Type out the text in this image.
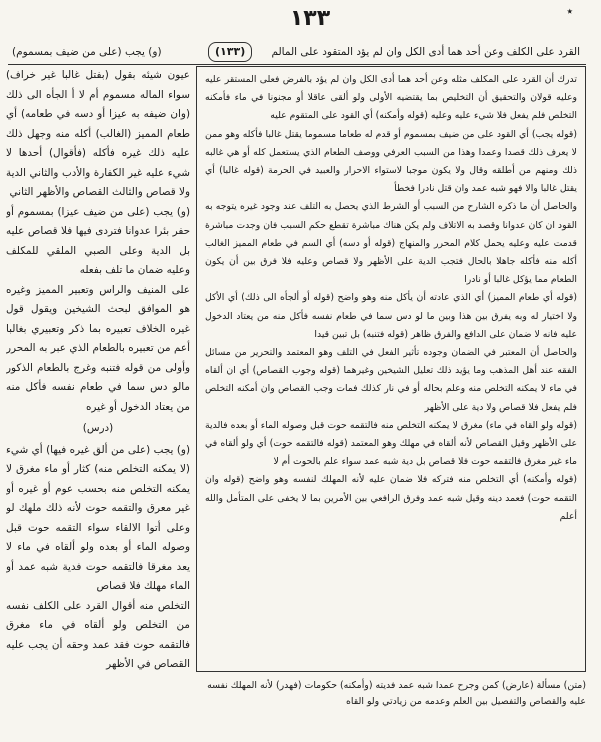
٭
١٣٣
القرد على الكلف وعن أحد هما أدى الكل وان لم يؤد المتقود على المالم
(١٣٣)
(و) يجب (على من ضيف بمسموم)

عيون شيئه بقول (بفتل غالبا غير خراف) سواء الماله مسموم أم لا أ الجأه الى ذلك (وان ضيفه به عيزا أو دسه في طعامه) أي طعام المميز (الغالب) أكله منه وجهل ذلك عليه ذلك غيره فأكله (فأقوال) أحدها لا شيء عليه غير الكفارة والأدب والثاني الدية ولا قصاص والثالث القصاص والأظهر الثاني

(و) يجب (على من ضيف عيزا) بمسموم أو حفر بئرا عدوانا فتردى فيها فلا قصاص عليه بل الدية وعلى الصبي الملقي للمكلف وعليه ضمان ما تلف بفعله

على المنيف والراس وتعبير المميز وغيره هو الموافق لبحث الشيخين ويقول قول غيره الخلاف تعبيره بما ذكر وتعبيري بغالبا أعم من تعبيره بالطعام الذي عبر به المحرر وأولى من قوله فتنبه وغرج بالطعام الذكور مالو دس سما في طعام نفسه فأكل منه من يعتاد الدخول أو غيره

(درس)

(و) يجب (على من ألق غيره فيها) أي شيء (لا يمكنه التخلص منه) كثار أو ماء مغرق لا يمكنه التخلص منه بحسب عوم أو غيره أو غير معرق والتقمه حوت لأنه ذلك ملهك لو وعلى أتوا الالقاء سواء التقمه حوت قبل وصوله الماء أو بعده ولو ألقاه في ماء لا يعد مغرقا فالتقمه حوت فدية شبه عمد أو الماء مهلك فلا قصاص

التخلص منه أقوال القرد على الكلف نفسه من التخلص ولو ألقاه في ماء مغرق فالتقمه حوت فقد عمد وحقه أن يجب عليه القصاص في الأظهر

تدرك أن القرد على المكلف مثله وعن أحد هما أدى الكل وان لم يؤد بالفرض فعلى المستقر عليه وعليه قولان والتحقيق أن التخليص بما يقتضيه الأولى ولو ألقى عاقلا أو مجنونا في ماء فأمكنه التخلص فلم يفعل فلا شيء عليه وعليه (قوله وأمكنه) أي القود على المتقوم عليه

(قوله يجب) أي القود على من ضيف بمسموم أو قدم له طعاما مسموما يقتل غالبا فأكله وهو ممن لا يعرف ذلك قصدا وعمدا وهذا من السبب العرفي ووصف الطعام الذي يستعمل كله أو هي غالبه ذلك ومنهم من أطلقه وقال ولا يكون موجبا لاستواء الاحرار والعبيد في الحرمة (قوله غالبا) أي يقتل غالبا والا فهو شبه عمد وان قتل نادرا فخطأ

والحاصل أن ما ذكره الشارح من السبب أو الشرط الذي يحصل به التلف عند وجود غيره يتوجه به القود ان كان عدوانا وقصد به الاتلاف ولم يكن هناك مباشرة تقطع حكم السبب فان وجدت مباشرة قدمت عليه وعليه يحمل كلام المحرر والمنهاج (قوله أو دسه) أي السم في طعام المميز الغالب أكله منه فأكله جاهلا بالحال فتجب الدية على الأظهر ولا قصاص وعليه فلا فرق بين أن يكون الطعام مما يؤكل غالبا أو نادرا

(قوله أي طعام المميز) أي الذي عادته أن يأكل منه وهو واضح (قوله أو ألجأه الى ذلك) أي الأكل ولا اختيار له وبه يفرق بين هذا وبين ما لو دس سما في طعام نفسه فأكل منه من يعتاد الدخول عليه فانه لا ضمان على الدافع والفرق ظاهر (قوله فتنبه) بل تبين قيدا

والحاصل أن المعتبر في الضمان وجوده تأثير الفعل في التلف وهو المعتمد والتحرير من مسائل الفقه عند أهل المذهب وما يؤيد ذلك تعليل الشيخين وغيرهما (قوله وجوب القصاص) أي ان ألقاه في ماء لا يمكنه التخلص منه وعلم بحاله أو في نار كذلك فمات وجب القصاص وان أمكنه التخلص فلم يفعل فلا قصاص ولا دية على الأظهر

(قوله ولو القاه في ماء) مغرق لا يمكنه التخلص منه فالتقمه حوت قبل وصوله الماء أو بعده فالدية على الأظهر وقيل القصاص لأنه ألقاه في مهلك وهو المعتمد (قوله فالتقمه حوت) أي ولو ألقاه في ماء غير مغرق فالتقمه حوت فلا قصاص بل دية شبه عمد سواء علم بالحوت أم لا

(قوله وأمكنه) أي التخلص منه فتركه فلا ضمان عليه لأنه المهلك لنفسه وهو واضح (قوله وان التقمه حوت) فعمد دينه وقيل شبه عمد وفرق الرافعي بين الأمرين بما لا يخفى على المتأمل والله أعلم

(متن) مسألة (عارض) كمن وجرح عمدا شبه عمد فديته (وأمكنه) حكومات (فهدر) لأنه المهلك نفسه

عليه والقصاص والتفصيل بين العلم وعدمه من زيادتي ولو القاه
